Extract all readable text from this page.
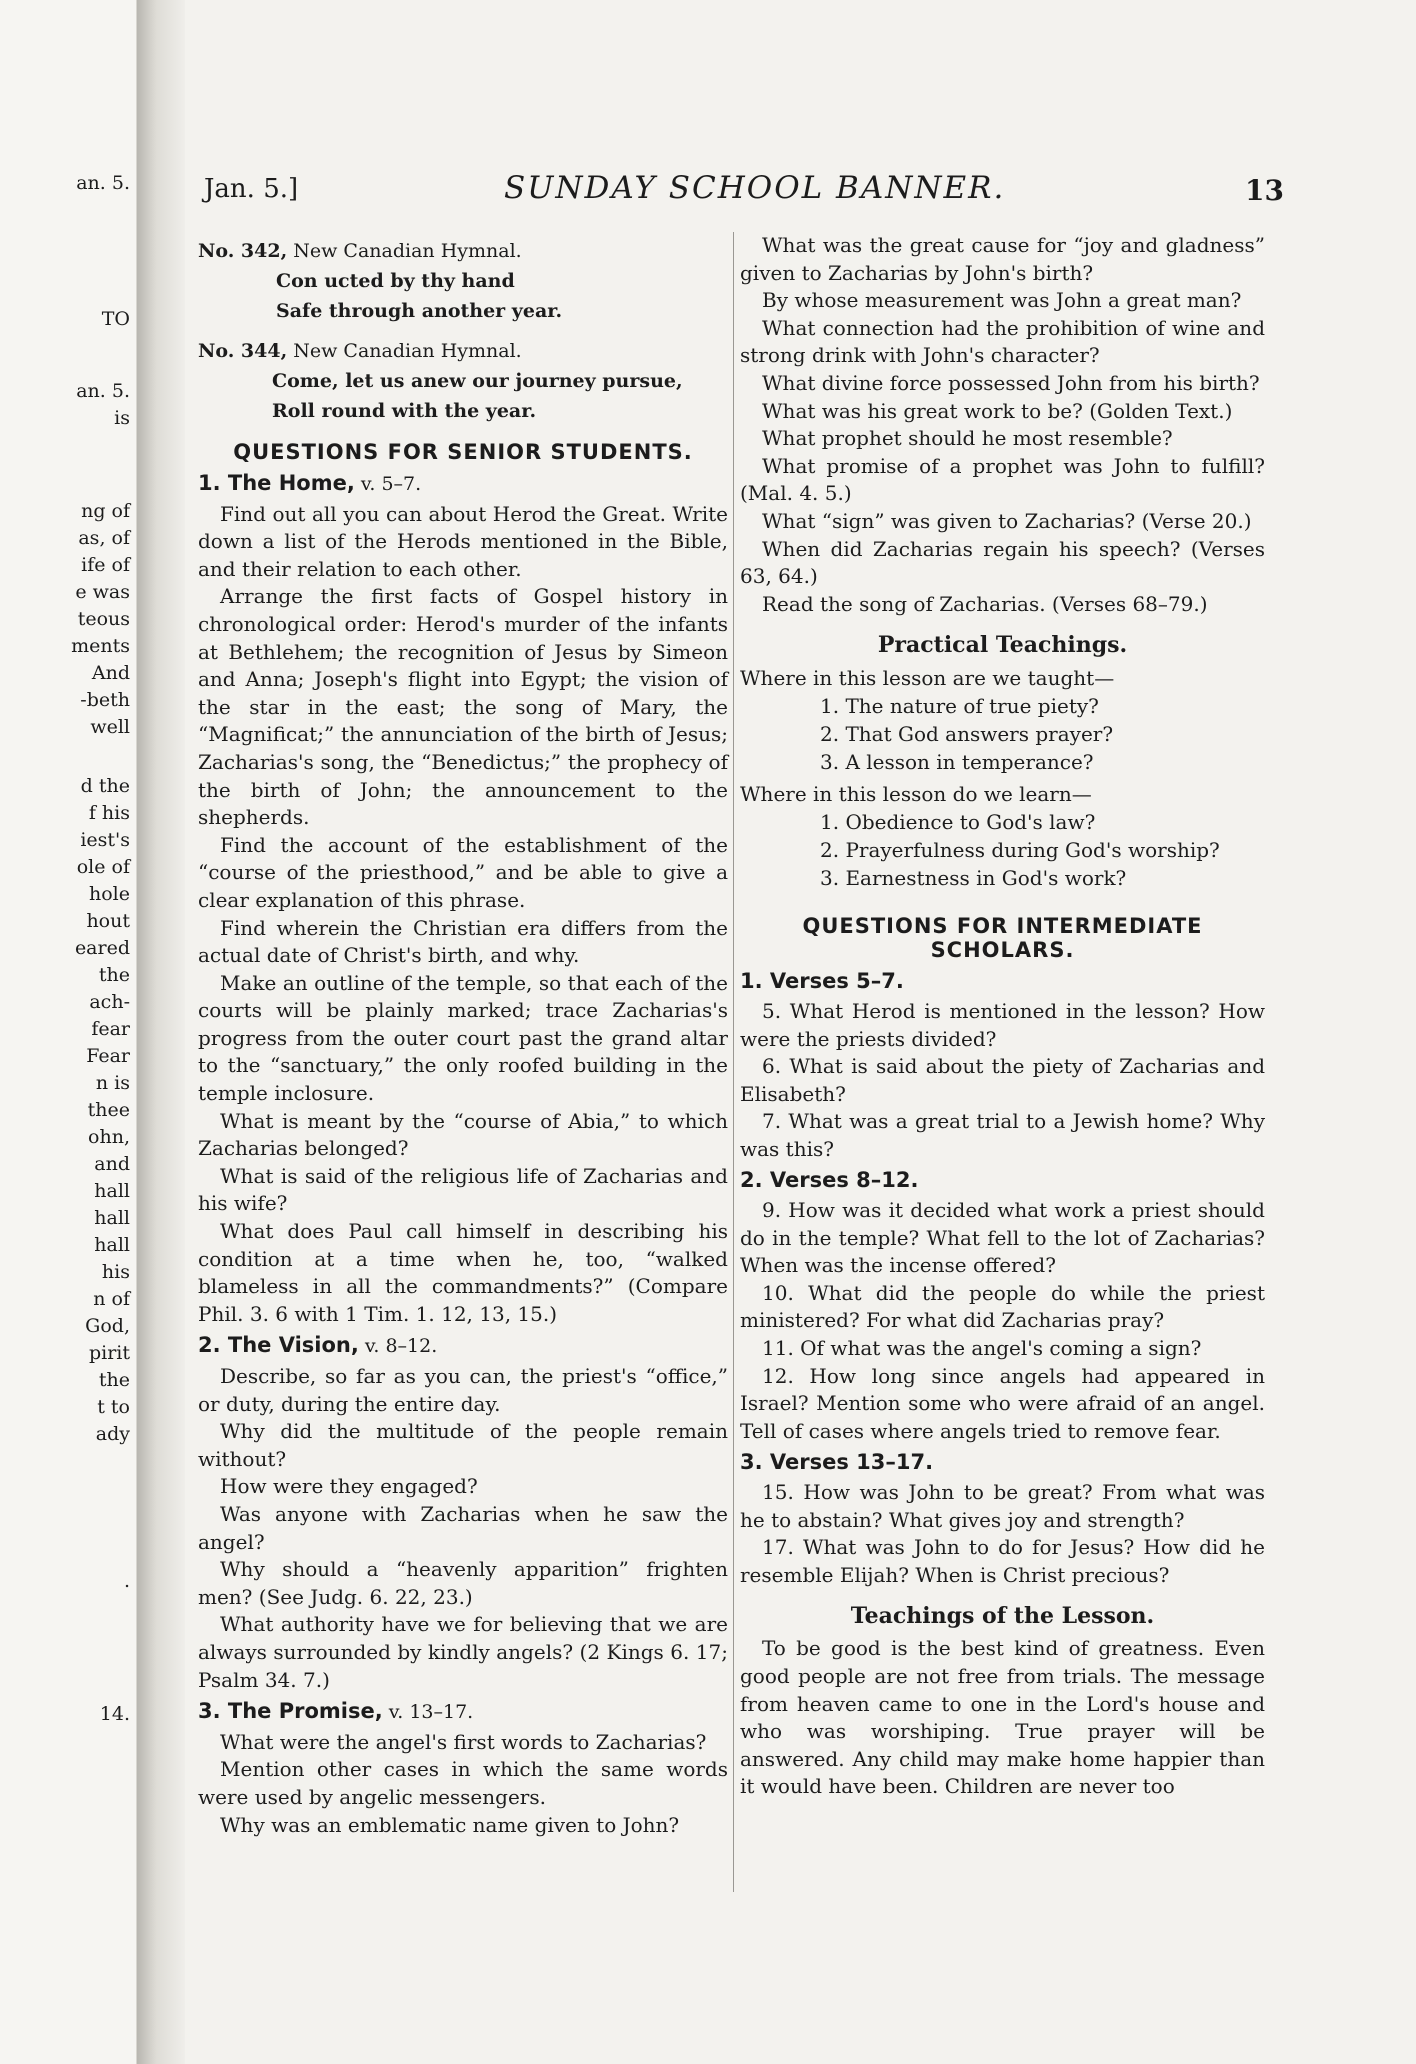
an. 5.
TO
an. 5.
is
ng of
as, of
ife of
e was
teous
ments
And
-beth
well
d the
f his
iest's
ole of
hole
hout
eared
the
ach-
fear
Fear
n is
thee
ohn,
and
hall
hall
hall
his
n of
God,
pirit
the
t to
ady
.
14.
Jan. 5.]	SUNDAY SCHOOL BANNER.	13
No. 342, New Canadian Hymnal.
Con ucted by thy hand
Safe through another year.
No. 344, New Canadian Hymnal.
Come, let us anew our journey pursue,
Roll round with the year.
QUESTIONS FOR SENIOR STUDENTS.
1. The Home, v. 5–7.

Find out all you can about Herod the Great. Write down a list of the Herods mentioned in the Bible, and their relation to each other.

Arrange the first facts of Gospel history in chronological order: Herod's murder of the infants at Bethlehem; the recognition of Jesus by Simeon and Anna; Joseph's flight into Egypt; the vision of the star in the east; the song of Mary, the “Magnificat;” the annunciation of the birth of Jesus; Zacharias's song, the “Benedictus;” the prophecy of the birth of John; the announcement to the shepherds.

Find the account of the establishment of the “course of the priesthood,” and be able to give a clear explanation of this phrase.

Find wherein the Christian era differs from the actual date of Christ's birth, and why.

Make an outline of the temple, so that each of the courts will be plainly marked; trace Zacharias's progress from the outer court past the grand altar to the “sanctuary,” the only roofed building in the temple inclosure.

What is meant by the “course of Abia,” to which Zacharias belonged?

What is said of the religious life of Zacharias and his wife?

What does Paul call himself in describing his condition at a time when he, too, “walked blameless in all the commandments?” (Compare Phil. 3. 6 with 1 Tim. 1. 12, 13, 15.)

2. The Vision, v. 8–12.

Describe, so far as you can, the priest's “office,” or duty, during the entire day.

Why did the multitude of the people remain without?

How were they engaged?

Was anyone with Zacharias when he saw the angel?

Why should a “heavenly apparition” frighten men? (See Judg. 6. 22, 23.)

What authority have we for believing that we are always surrounded by kindly angels? (2 Kings 6. 17; Psalm 34. 7.)

3. The Promise, v. 13–17.

What were the angel's first words to Zacharias?

Mention other cases in which the same words were used by angelic messengers.

Why was an emblematic name given to John?

What was the great cause for “joy and gladness” given to Zacharias by John's birth?

By whose measurement was John a great man?

What connection had the prohibition of wine and strong drink with John's character?

What divine force possessed John from his birth?

What was his great work to be? (Golden Text.)

What prophet should he most resemble?

What promise of a prophet was John to fulfill? (Mal. 4. 5.)

What “sign” was given to Zacharias? (Verse 20.)

When did Zacharias regain his speech? (Verses 63, 64.)

Read the song of Zacharias. (Verses 68–79.)

Practical Teachings.
Where in this lesson are we taught—
1. The nature of true piety?
2. That God answers prayer?
3. A lesson in temperance?
Where in this lesson do we learn—
1. Obedience to God's law?
2. Prayerfulness during God's worship?
3. Earnestness in God's work?
QUESTIONS FOR INTERMEDIATE SCHOLARS.
1. Verses 5–7.

5. What Herod is mentioned in the lesson? How were the priests divided?

6. What is said about the piety of Zacharias and Elisabeth?

7. What was a great trial to a Jewish home? Why was this?

2. Verses 8–12.

9. How was it decided what work a priest should do in the temple? What fell to the lot of Zacharias? When was the incense offered?

10. What did the people do while the priest ministered? For what did Zacharias pray?

11. Of what was the angel's coming a sign?

12. How long since angels had appeared in Israel? Mention some who were afraid of an angel. Tell of cases where angels tried to remove fear.

3. Verses 13–17.

15. How was John to be great? From what was he to abstain? What gives joy and strength?

17. What was John to do for Jesus? How did he resemble Elijah? When is Christ precious?

Teachings of the Lesson.

To be good is the best kind of greatness. Even good people are not free from trials. The message from heaven came to one in the Lord's house and who was worshiping. True prayer will be answered. Any child may make home happier than it would have been. Children are never too
